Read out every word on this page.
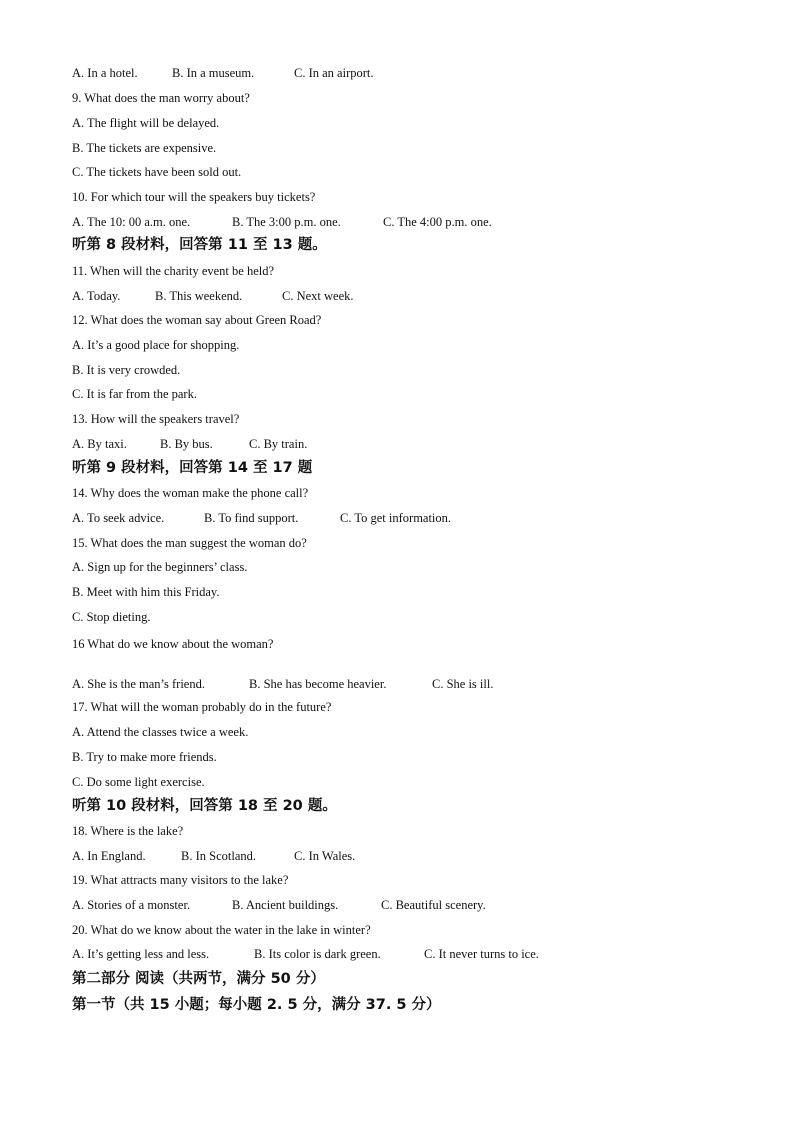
A. In a hotel.	B. In a museum.	C. In an airport.
9. What does the man worry about?
A. The flight will be delayed.
B. The tickets are expensive.
C. The tickets have been sold out.
10. For which tour will the speakers buy tickets?
A. The 10: 00 a.m. one.	B. The 3:00 p.m. one.	C. The 4:00 p.m. one.
听第 8 段材料，回答第 11 至 13 题。
11. When will the charity event be held?
A. Today.	B. This weekend.	C. Next week.
12. What does the woman say about Green Road?
A. It’s a good place for shopping.
B. It is very crowded.
C. It is far from the park.
13. How will the speakers travel?
A. By taxi.	B. By bus.	C. By train.
听第 9 段材料，回答第 14 至 17 题
14. Why does the woman make the phone call?
A. To seek advice.	B. To find support.	C. To get information.
15. What does the man suggest the woman do?
A. Sign up for the beginners’ class.
B. Meet with him this Friday.
C. Stop dieting.
16 What do we know about the woman?
A. She is the man’s friend.	B. She has become heavier.	C. She is ill.
17. What will the woman probably do in the future?
A. Attend the classes twice a week.
B. Try to make more friends.
C. Do some light exercise.
听第 10 段材料，回答第 18 至 20 题。
18. Where is the lake?
A. In England.	B. In Scotland.	C. In Wales.
19. What attracts many visitors to the lake?
A. Stories of a monster.	B. Ancient buildings.	C. Beautiful scenery.
20. What do we know about the water in the lake in winter?
A. It’s getting less and less.	B. Its color is dark green.	C. It never turns to ice.
第二部分 阅读（共两节，满分 50 分）
第一节（共 15 小题；每小题 2. 5 分，满分 37. 5 分）
